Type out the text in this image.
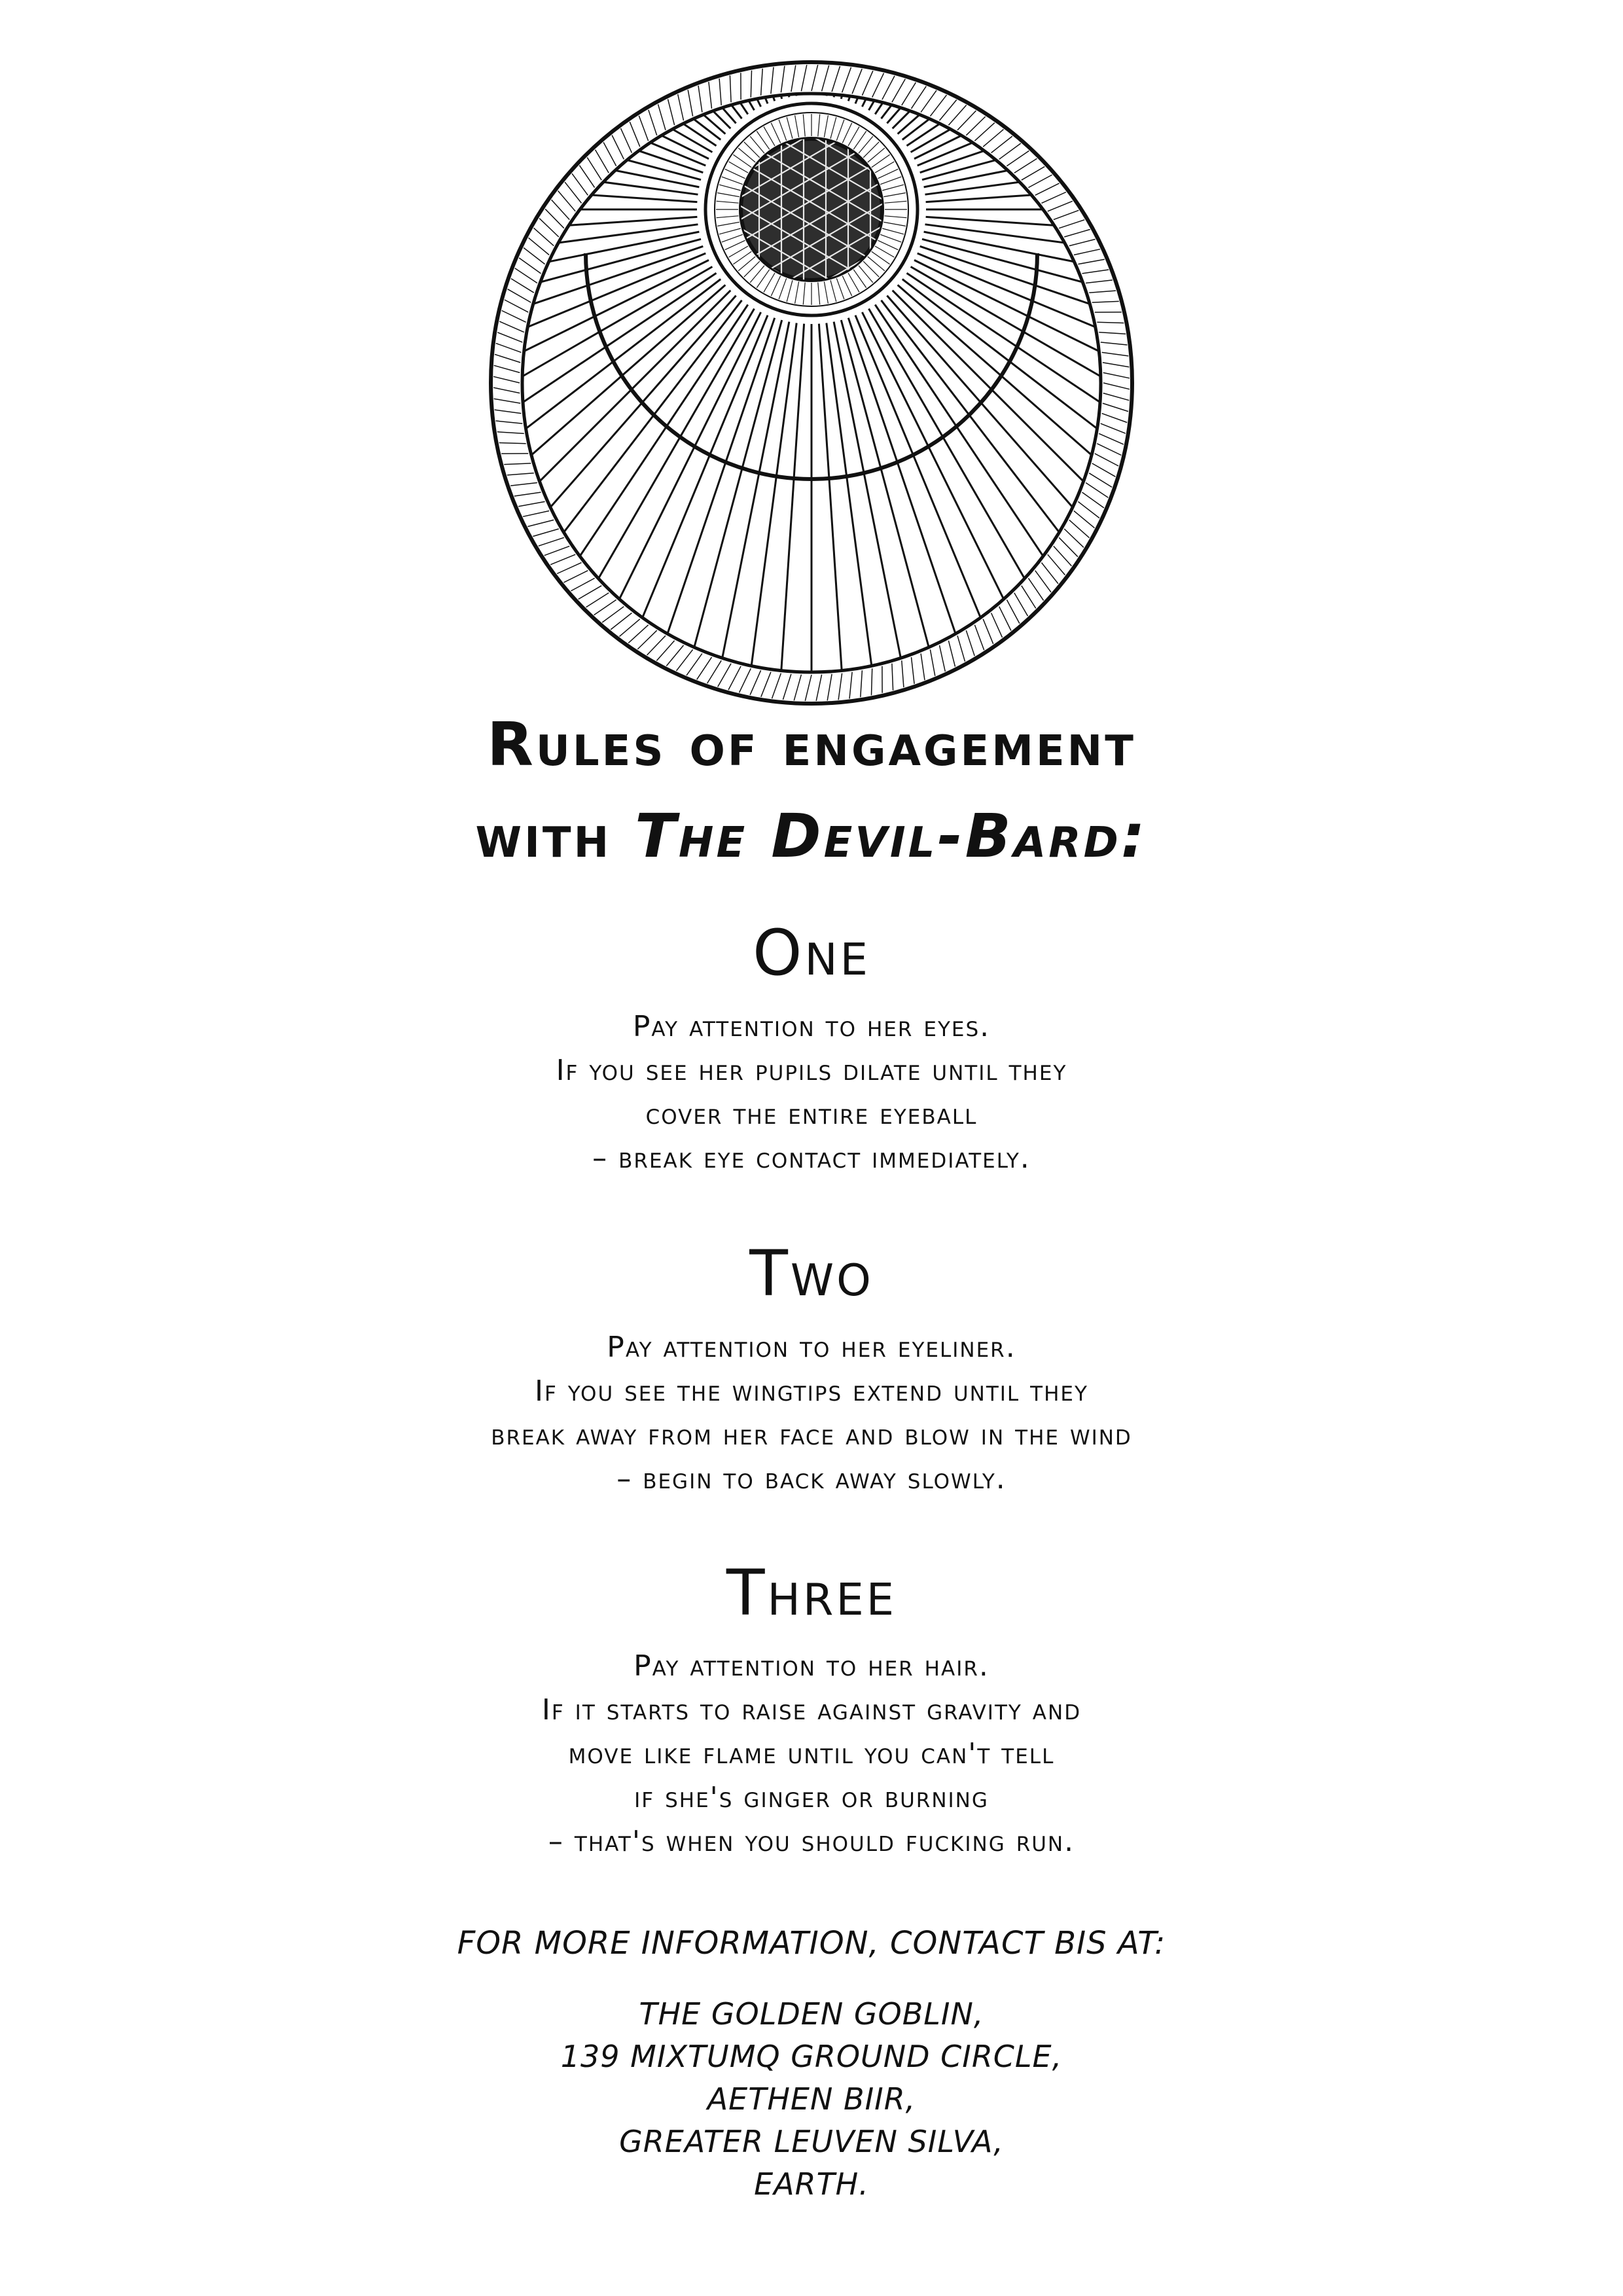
Rules of engagement
with The Devil-Bard:
One
Pay attention to her eyes.
If you see her pupils dilate until they
cover the entire eyeball
– break eye contact immediately.
Two
Pay attention to her eyeliner.
If you see the wingtips extend until they
break away from her face and blow in the wind
– begin to back away slowly.
Three
Pay attention to her hair.
If it starts to raise against gravity and
move like flame until you can't tell
if she's ginger or burning
– that's when you should fucking run.
FOR MORE INFORMATION, CONTACT BIS AT:
THE GOLDEN GOBLIN,
139 MIXTUMQ GROUND CIRCLE,
AETHEN BIIR,
GREATER LEUVEN SILVA,
EARTH.
